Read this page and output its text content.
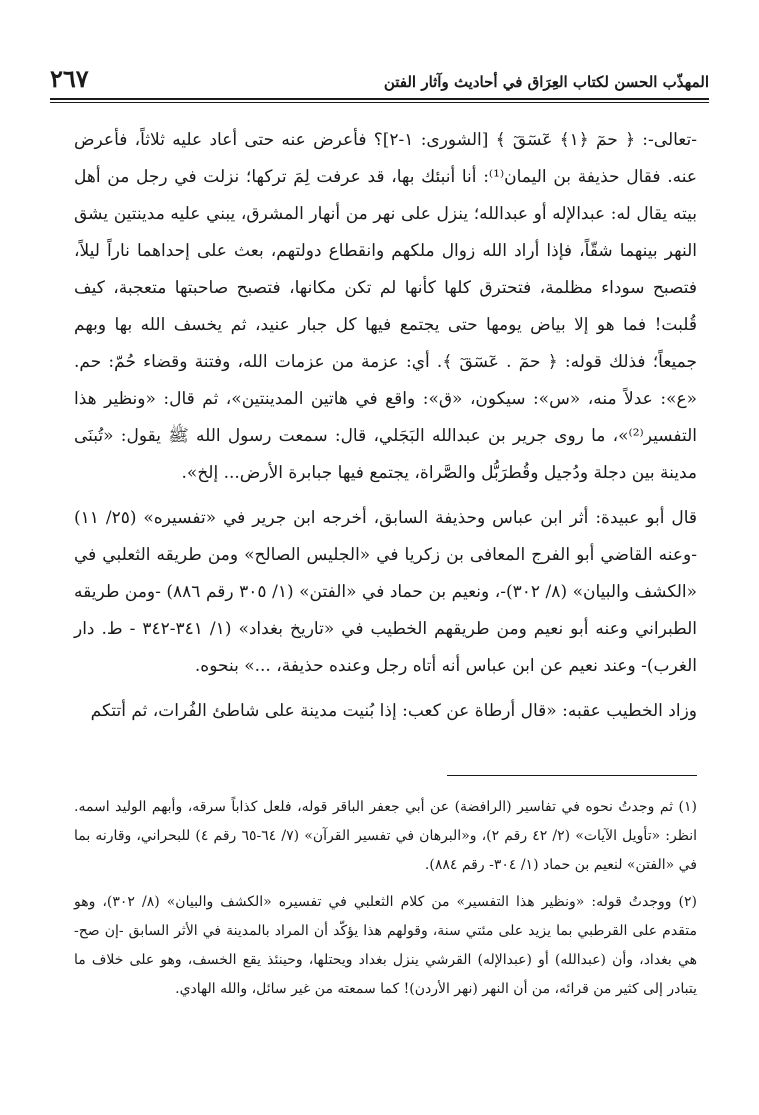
المهذّب الحسن لكتاب العِرَاق في أحاديث وآثار الفتن
٢٦٧

-تعالى-: ﴿ حمٓ ﴿١﴾ عٓسٓقٓ ﴾ [الشورى: ١-٢]؟ فأعرض عنه حتى أعاد عليه ثلاثاً، فأعرض عنه. فقال حذيفة بن اليمان⁽¹⁾: أنا أنبئك بها، قد عرفت لِمَ تركها؛ نزلت في رجل من أهل بيته يقال له: عبدالإله أو عبدالله؛ ينزل على نهر من أنهار المشرق، يبني عليه مدينتين يشق النهر بينهما شقّاً، فإذا أراد الله زوال ملكهم وانقطاع دولتهم، بعث على إحداهما ناراً ليلاً، فتصبح سوداء مظلمة، فتحترق كلها كأنها لم تكن مكانها، فتصبح صاحبتها متعجبة، كيف قُلبت! فما هو إلا بياض يومها حتى يجتمع فيها كل جبار عنيد، ثم يخسف الله بها وبهم جميعاً؛ فذلك قوله: ﴿ حمٓ . عٓسٓقٓ ﴾. أي: عزمة من عزمات الله، وفتنة وقضاء حُمّ: حم. «ع»: عدلاً منه، «س»: سيكون، «ق»: واقع في هاتين المدينتين»، ثم قال: «ونظير هذا التفسير⁽²⁾»، ما روى جرير بن عبدالله البَجَلي، قال: سمعت رسول الله ﷺ يقول: «تُبنَى مدينة بين دجلة ودُجيل وقُطرَبُّل والصَّراة، يجتمع فيها جبابرة الأرض... إلخ».

قال أبو عبيدة: أثر ابن عباس وحذيفة السابق، أخرجه ابن جرير في «تفسيره» (٢٥/ ١١) -وعنه القاضي أبو الفرج المعافى بن زكريا في «الجليس الصالح» ومن طريقه الثعلبي في «الكشف والبيان» (٨/ ٣٠٢)-، ونعيم بن حماد في «الفتن» (١/ ٣٠٥ رقم ٨٨٦) -ومن طريقه الطبراني وعنه أبو نعيم ومن طريقهم الخطيب في «تاريخ بغداد» (١/ ٣٤١-٣٤٢ - ط. دار الغرب)- وعند نعيم عن ابن عباس أنه أتاه رجل وعنده حذيفة، ...» بنحوه.

وزاد الخطيب عقبه: «قال أرطاة عن كعب: إذا بُنيت مدينة على شاطئ الفُرات، ثم أتتكم

(١) ثم وجدتُ نحوه في تفاسير (الرافضة) عن أبي جعفر الباقر قوله، فلعل كذاباً سرقه، وأبهم الوليد اسمه. انظر: «تأويل الآيات» (٢/ ٤٢ رقم ٢)، و«البرهان في تفسير القرآن» (٧/ ٦٤-٦٥ رقم ٤) للبحراني، وقارنه بما في «الفتن» لنعيم بن حماد (١/ ٣٠٤- رقم ٨٨٤).

(٢) ووجدتُ قوله: «ونظير هذا التفسير» من كلام الثعلبي في تفسيره «الكشف والبيان» (٨/ ٣٠٢)، وهو متقدم على القرطبي بما يزيد على مئتي سنة، وقولهم هذا يؤكّد أن المراد بالمدينة في الأثر السابق -إن صح- هي بغداد، وأن (عبدالله) أو (عبدالإله) القرشي ينزل بغداد ويحتلها، وحينئذ يقع الخسف، وهو على خلاف ما يتبادر إلى كثير من قرائه، من أن النهر (نهر الأردن)! كما سمعته من غير سائل، والله الهادي.
